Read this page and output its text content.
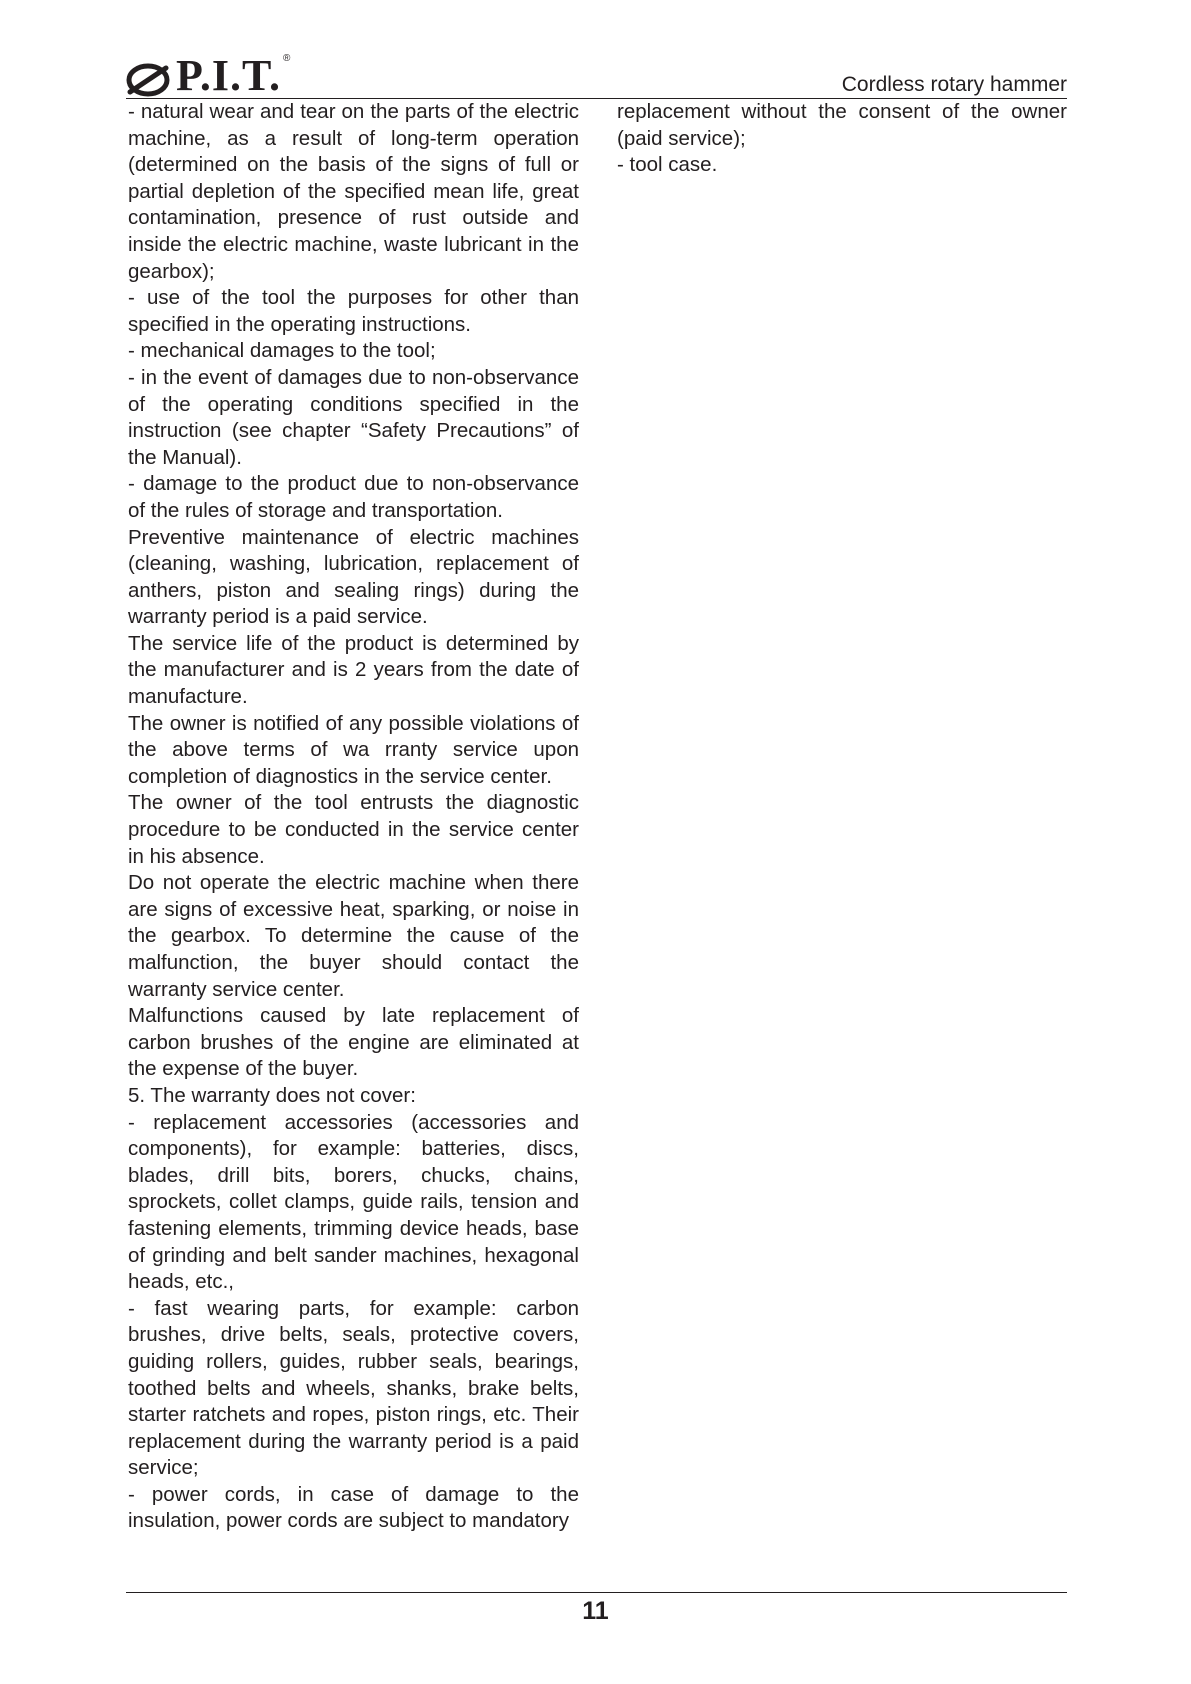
P.I.T. ®
Cordless rotary hammer

- natural wear and tear on the parts of the electric machine, as a result of long-term operation (determined on the basis of the signs of full or partial depletion of the specified mean life, great contamination, presence of rust outside and inside the electric machine, waste lubricant in the gearbox);

- use of the tool the purposes for other than specified in the operating instructions.

- mechanical damages to the tool;

- in the event of damages due to non-observance of the operating conditions specified in the instruction (see chapter “Safety Precautions” of the Manual).

- damage to the product due to non-observance of the rules of storage and transportation.

Preventive maintenance of electric machines (cleaning, washing, lubrication, replacement of anthers, piston and sealing rings) during the warranty period is a paid service.

The service life of the product is determined by the manufacturer and is 2 years from the date of manufacture.

The owner is notified of any possible violations of the above terms of wa rranty service upon completion of diagnostics in the service center.

The owner of the tool entrusts the diagnostic procedure to be conducted in the service center in his absence.

Do not operate the electric machine when there are signs of excessive heat, sparking, or noise in the gearbox. To determine the cause of the malfunction, the buyer should contact the warranty service center.

Malfunctions caused by late replacement of carbon brushes of the engine are eliminated at the expense of the buyer.

5. The warranty does not cover:

- replacement accessories (accessories and components), for example: batteries, discs, blades, drill bits, borers, chucks, chains, sprockets, collet clamps, guide rails, tension and fastening elements, trimming device heads, base of grinding and belt sander machines, hexagonal heads, etc.,

- fast wearing parts, for example: carbon brushes, drive belts, seals, protective covers, guiding rollers, guides, rubber seals, bearings, toothed belts and wheels, shanks, brake belts, starter ratchets and ropes, piston rings, etc. Their replacement during the warranty period is a paid service;

- power cords, in case of damage to the insulation, power cords are subject to mandatory

replacement without the consent of the owner (paid service);

- tool case.

11
